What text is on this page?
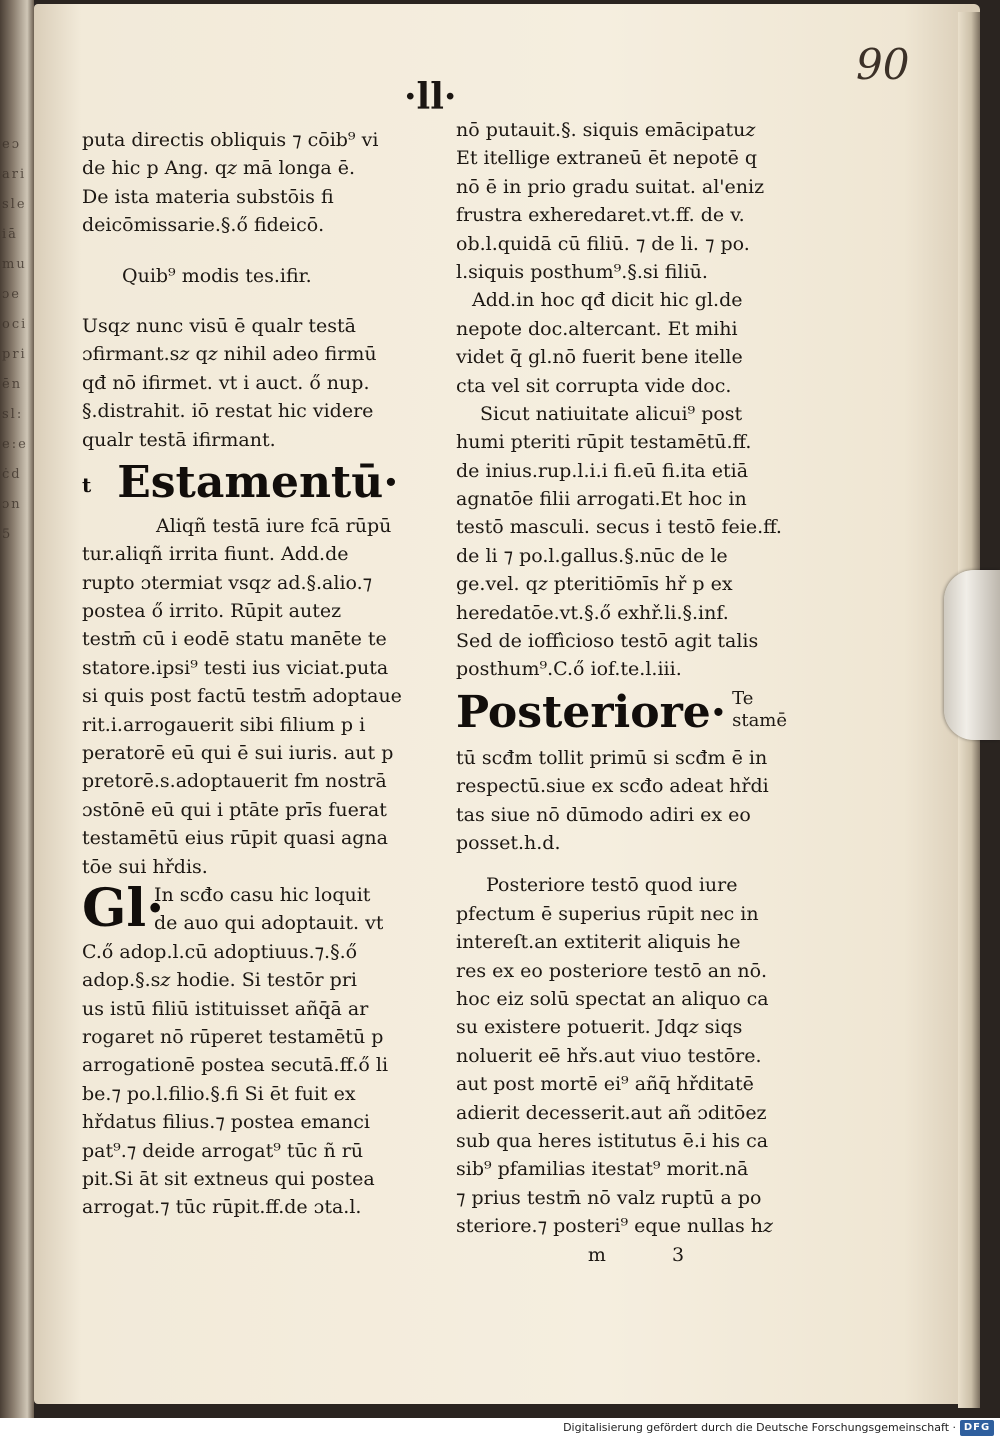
eɔarisleiāmuɔeocipriēnsl:e:eċdɔn5
90
·ll·
puta directis obliquis ⁊ cōib⁹ vi
de hic p Ang. q𝑧 mā longa ē.
De ista materia substōis fi
deicōmissarie.§.ő fideicō.
Quib⁹ modis tes.ifir.
Usq𝑧 nunc visū ē qualr testā
ɔfirmant.s𝑧 q𝑧 nihil adeo firmū
qđ nō ifirmet. vt i auct. ő nup.
§.distrahit. iō restat hic videre
qualr testā ifirmant.
t Estamentū·
Aliqñ testā iure fcā rūpū
tur.aliqñ irrita fiunt. Add.de
rupto ɔtermiat vsq𝑧 ad.§.alio.⁊
postea ő irrito. Rūpit autez
testm̄ cū i eodē statu manēte te
statore.ipsi⁹ testi ius viciat.puta
si quis post factū testm̄ adoptaue
rit.i.arrogauerit sibi filium p i
peratorē eū qui ē sui iuris. aut p
pretorē.s.adoptauerit fm nostrā
ɔstōnē eū qui i ptāte prīs fuerat
testamētū eius rūpit quasi agna
tōe sui hřdis.
Gl·
In scđo casu hic loquit
de auo qui adoptauit. vt
C.ő adop.l.cū adoptiuus.⁊.§.ő
adop.§.s𝑧 hodie. Si testōr pri
us istū filiū istituisset añq̄ā ar
rogaret nō rūperet testamētū p
arrogationē postea secutā.ff.ő li
be.⁊ po.l.filio.§.fi Si ēt fuit ex
hřdatus filius.⁊ postea emanci
pat⁹.⁊ deide arrogat⁹ tūc ñ rū
pit.Si āt sit extneus qui postea
arrogat.⁊ tūc rūpit.ff.de ɔta.l.
nō putauit.§. siquis emācipatu𝑧
Et itellige extraneū ēt nepotē q
nō ē in prio gradu suitat. al'eniz
frustra exheredaret.vt.ff. de v.
ob.l.quidā cū filiū. ⁊ de li. ⁊ po.
l.siquis posthum⁹.§.si filiū.
Add.in hoc qđ dicit hic gl.de
nepote doc.altercant. Et mihi
videt q̄ gl.nō fuerit bene itelle
cta vel sit corrupta vide doc.
Sicut natiuitate alicui⁹ post
humi pteriti rūpit testamētū.ff.
de inius.rup.l.i.i fi.eū fi.ita etiā
agnatōe filii arrogati.Et hoc in
testō masculi. secus i testō feie.ff.
de li ⁊ po.l.gallus.§.nūc de le
ge.vel. q𝑧 pteritiōmīs hř p ex
heredatōe.vt.§.ő exhř.li.§.inf.
Sed de ioffìcioso testō agit talis
posthum⁹.C.ő iof.te.l.iii.
Posteriore· Te
stamē
tū scđm tollit primū si scđm ē in
respectū.siue ex scđo adeat hřdi
tas siue nō dūmodo adiri ex eo
posset.h.d.
Posteriore testō quod iure
pfectum ē superius rūpit nec in
intereſt.an extiterit aliquis he
res ex eo posteriore testō an nō.
hoc eiz solū spectat an aliquo ca
su existere potuerit. Jdq𝑧 siqs
noluerit eē hřs.aut viuo testōre.
aut post mortē ei⁹ añq̄ hřditatē
adierit decesserit.aut añ ɔditōez
sub qua heres istitutus ē.i his ca
sib⁹ pfamilias itestat⁹ morit.nā
⁊ prius testm̄ nō valz ruptū a po
steriore.⁊ posteri⁹ eque nullas h𝑧
m 3
Digitalisierung gefördert durch die Deutsche Forschungsgemeinschaft · DFG
